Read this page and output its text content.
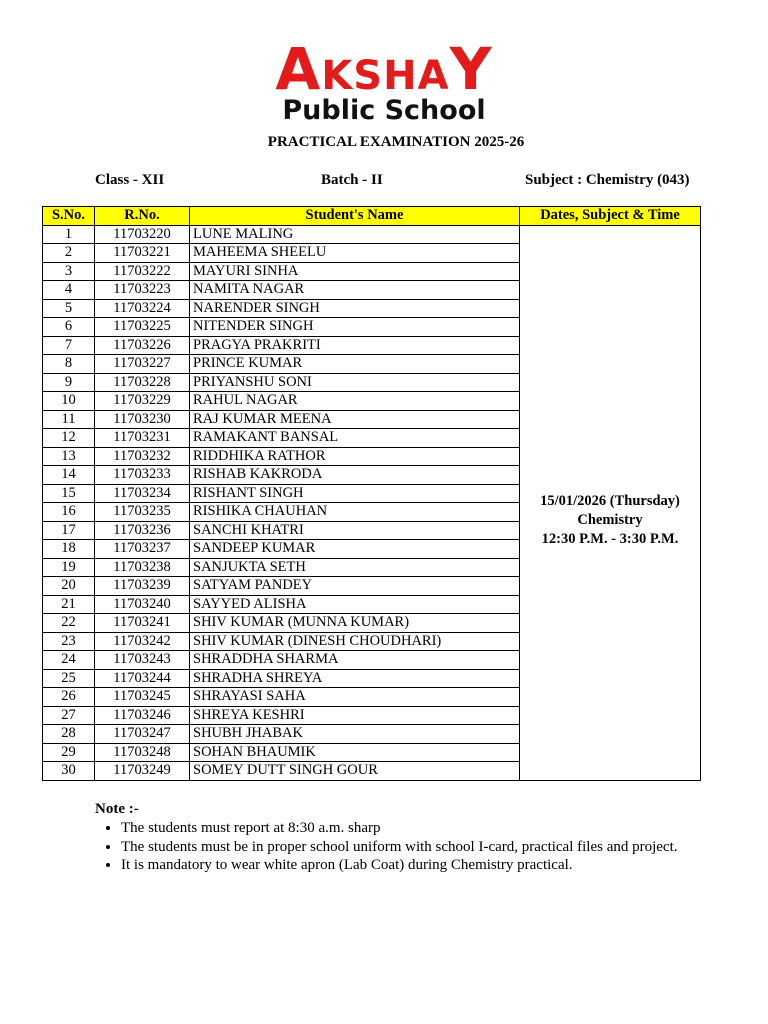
AKSHAY
Public School
PRACTICAL EXAMINATION 2025-26
Class - XII	Batch - II	Subject : Chemistry (043)
S.No.	R.No.	Student's Name	Dates, Subject & Time
1	11703220	LUNE MALING	15/01/2026 (Thursday)
Chemistry
12:30 P.M. - 3:30 P.M.

2	11703221	MAHEEMA SHEELU	
3	11703222	MAYURI SINHA	
4	11703223	NAMITA NAGAR	
5	11703224	NARENDER SINGH	
6	11703225	NITENDER SINGH	
7	11703226	PRAGYA PRAKRITI	
8	11703227	PRINCE KUMAR	
9	11703228	PRIYANSHU SONI	
10	11703229	RAHUL NAGAR	
11	11703230	RAJ KUMAR MEENA	
12	11703231	RAMAKANT BANSAL	
13	11703232	RIDDHIKA RATHOR	
14	11703233	RISHAB KAKRODA	
15	11703234	RISHANT SINGH	
16	11703235	RISHIKA CHAUHAN	
17	11703236	SANCHI KHATRI	
18	11703237	SANDEEP KUMAR	
19	11703238	SANJUKTA SETH	
20	11703239	SATYAM PANDEY	
21	11703240	SAYYED ALISHA	
22	11703241	SHIV KUMAR (MUNNA KUMAR)	
23	11703242	SHIV KUMAR (DINESH CHOUDHARI)	
24	11703243	SHRADDHA SHARMA	
25	11703244	SHRADHA SHREYA	
26	11703245	SHRAYASI SAHA	
27	11703246	SHREYA KESHRI	
28	11703247	SHUBH JHABAK	
29	11703248	SOHAN BHAUMIK	
30	11703249	SOMEY DUTT SINGH GOUR	
Note :-
• The students must report at 8:30 a.m. sharp
• The students must be in proper school uniform with school I-card, practical files and project.
• It is mandatory to wear white apron (Lab Coat) during Chemistry practical.
